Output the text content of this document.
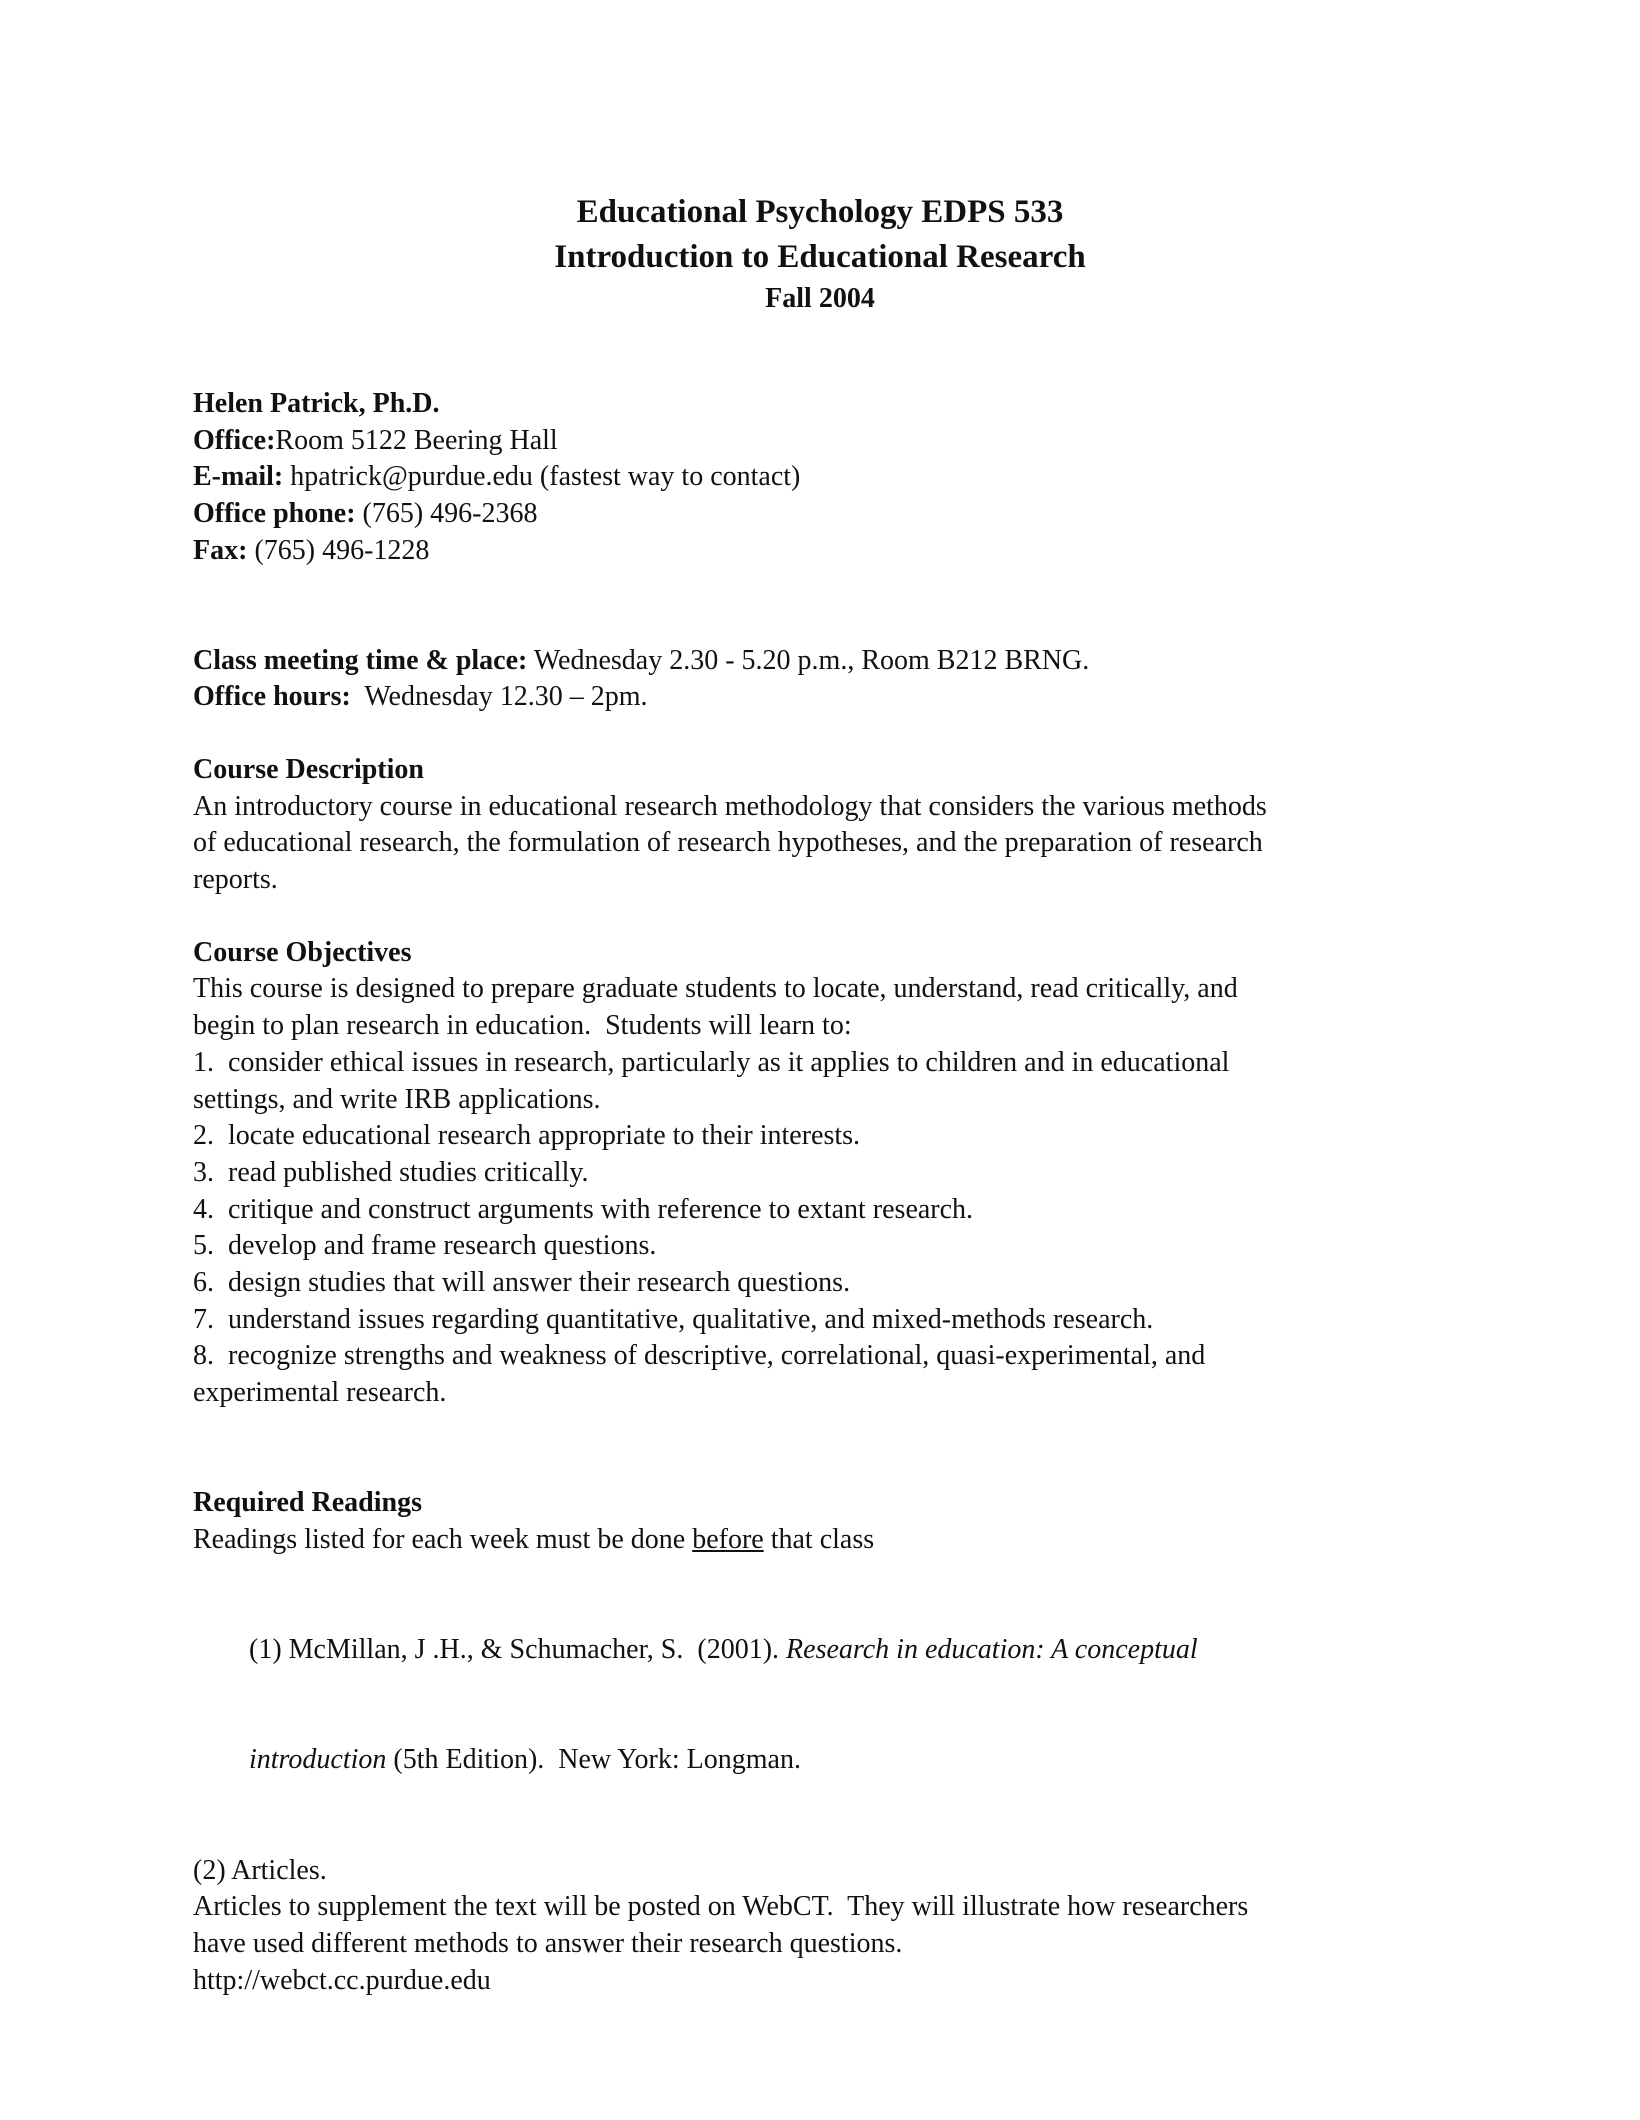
Educational Psychology EDPS 533
Introduction to Educational Research
Fall 2004
Helen Patrick, Ph.D.
Office:Room 5122 Beering Hall
E-mail: hpatrick@purdue.edu (fastest way to contact)
Office phone: (765) 496-2368
Fax: (765) 496-1228
Class meeting time & place: Wednesday 2.30 - 5.20 p.m., Room B212 BRNG.
Office hours:  Wednesday 12.30 – 2pm.
Course Description
An introductory course in educational research methodology that considers the various methods
of educational research, the formulation of research hypotheses, and the preparation of research
reports.
Course Objectives
This course is designed to prepare graduate students to locate, understand, read critically, and
begin to plan research in education.  Students will learn to:
1.  consider ethical issues in research, particularly as it applies to children and in educational
settings, and write IRB applications.
2.  locate educational research appropriate to their interests.
3.  read published studies critically.
4.  critique and construct arguments with reference to extant research.
5.  develop and frame research questions.
6.  design studies that will answer their research questions.
7.  understand issues regarding quantitative, qualitative, and mixed-methods research.
8.  recognize strengths and weakness of descriptive, correlational, quasi-experimental, and
experimental research.
Required Readings
Readings listed for each week must be done before that class

(1) McMillan, J .H., & Schumacher, S.  (2001). Research in education: A conceptual

introduction (5th Edition).  New York: Longman.

(2) Articles.
Articles to supplement the text will be posted on WebCT.  They will illustrate how researchers
have used different methods to answer their research questions.
http://webct.cc.purdue.edu
